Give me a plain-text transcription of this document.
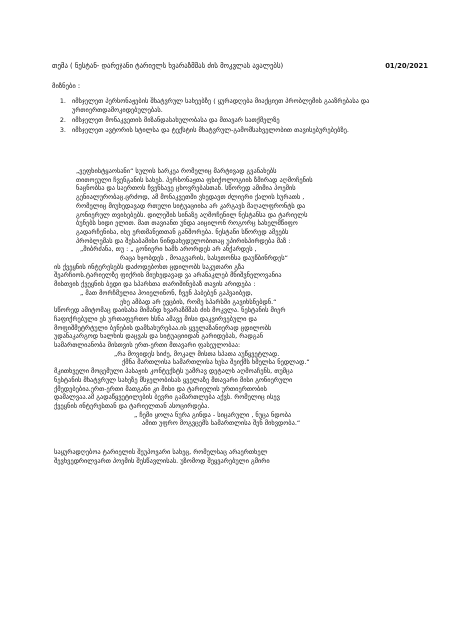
თემა ( ნესტან- დარეჯანი ტარიელს ხვარაზმშას ძის მოკვლას ავალებს)	01/20/2021
მიზნები :
1. იმსჯელეთ პერსონაჟების შხატვრულ სახეებზე ( ყურადღება მიაქციეთ პრობლემის გააზრებასა და ურთიერთდამოკიდებულებას.
2. იმსჯელეთ მონაკვეთის მიზანდასახულობასა და მთავარ სათქმელზე
3. იმსჯელეთ ავტორის სტილსა და ტექსტის მხატვრულ-გამომსახველობით თავისებურებებზე.
„ვეფხისტყაოსანი“ სულის სარკეა რომელიც მარტივად გვანახებს
თითოეული ჩვენგანის სახეს. პერსონაჟთა ფსიქოლოგიის ზმირად აღმოჩენის
ნაცნობსა და საერთოს ჩვენსავე ცხოვრებასთან. სწორედ ამიმია პოემის
გენიალურობაც.ცრძოდ, ამ მონაკვეთში ვხედავთ ძლიერი ქალის სურათს ,
რომელიც მიუხედავად რთული სიტუაციისა არ კარგავს მაღალფრონტს და
გონიერულ თვისებებს. დილეშის სინაზე აღმოჩენილ ნესტანსა და ტარიელს
ბუნებს სიდი ელით. მათ თავიანთ უნდა აიცილონ როგორც სახელმწიფო
გადარჩენისა, ისე ერთმანეთთან განშორება. ნესტანი სწორედ ამეებს
პრობლემას და შესაბამისი ნინდახედულობითაც უპირისპირდება მაზ :
„მიბრძანა, თუ : „ გონიერი ხამს არორდეს არ ანქარდეს ,
რაცა ხჯობდეს , მოაგვარის, სასეთონსა დაუწბინრდეს“
ის ქვეყნის ინტერესებს დაძოდებოხთ ცდილობს საკუთარი გზა
შეარჩიოს.ტარიელზე ფიქრის მიუხედავად ვა არანაკლებ მნიშვნელოვანია
მისთვის ქვეყნის ბედი და სპარსთა თარიშინებაზ თავის არიდება :
„ მათ მორჩმულია ჰოიელინონ, ჩვენ ჰაბებენ გაჰვაიბედ,
ეხე ამბად არ ევცბის, რომე სპარსში გავიხსნებდნ.“
სწორედ ამიტომაც დაისახა მიმანდ ხვარაზმშას ძის მოკვლა. ნესტანის მიერ
ჩაფიქრებული ეს ურთაფერთო ხსნა ამავე მისი დაკვირვებული და
მოფიშმეტრტული ბენების დამსახურებაა.ის ყველაზანიერად ცდილობს
უდანაკარგოდ ხალხის დაცვას და სიტუაციიდან გარიდებას, რადგან
სამართლიანობა მისთვის ერთ-ერთი მთავარი ფასეულობაა:
„რა მოვიდეს სიძე, მოკალ მისთა სპათა აუწყვეტლად.
ქმნა მართლისა სამართლისა ხესა შეიქმს ხმელსა ნედლად.“
მკითხველი მოცემული პასაჟის კონტექსტს უამრავ დეტალს აღმოაჩენს, თუმცა
ნესტანის მხატვრულ სახეზე მსჯელობისას ყველაზე მთავარი მისი გონიერული
ქმედებებია.ერთ-ერთი მათგანი კი მისი და ტარიელის ურთიერთობის
დამალვაა.ამ გადაწყვეტილების ბევრი გამართლება აქვს. რომელიც ისევ
ქვეყნის ინტერესთან და ტარიელთან ასოცირდება.
„ ჩემი ყოლა ნურა გინდა - სიცარული , ნუცა ნდობა
ამით უფრო მოგვცემს სამართლისა შენ მიხვდობა.“
საყურადღებოა ტარიელის შეუპოვარი სახეც, რომელსაც არაერთხელ
შევხვედრილვართ პოემის შესწავლისას. უზომოდ შეყვარებული გმირი
